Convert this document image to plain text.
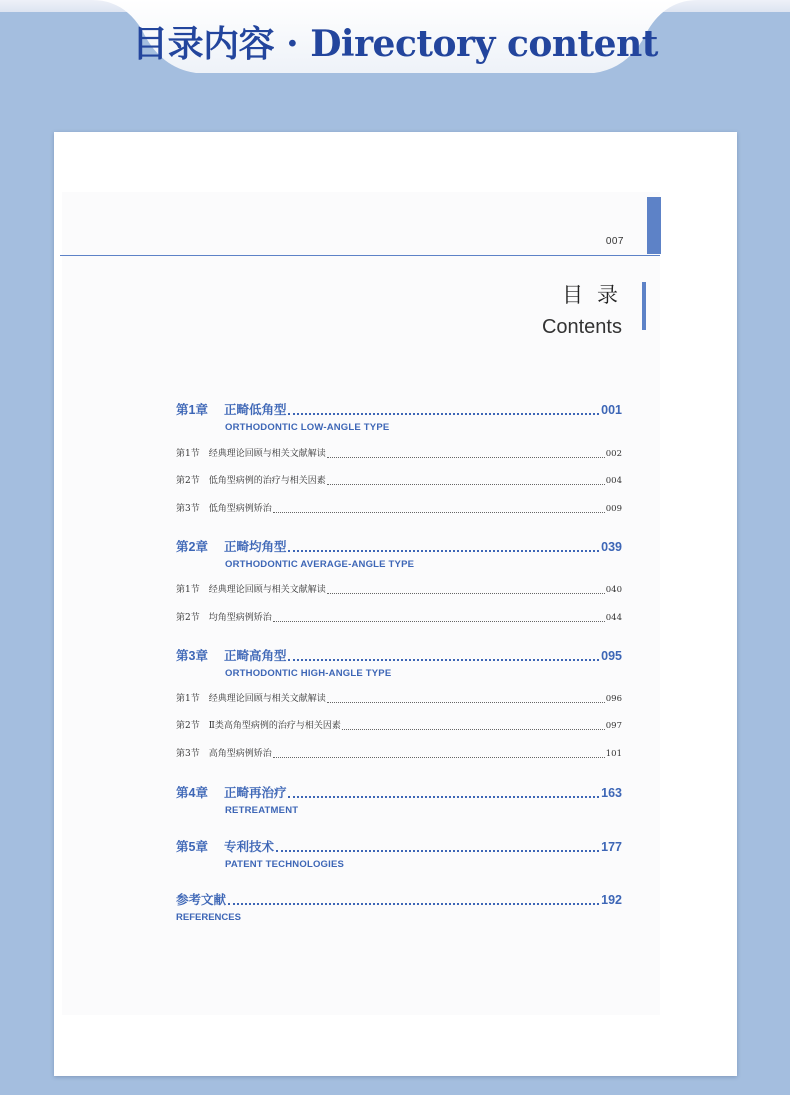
目录内容 · Directory content
007
目 录
Contents
第1章 正畸低角型	001
ORTHODONTIC LOW-ANGLE TYPE
第1节 经典理论回顾与相关文献解读	002
第2节 低角型病例的治疗与相关因素	004
第3节 低角型病例矫治	009
第2章 正畸均角型	039
ORTHODONTIC AVERAGE-ANGLE TYPE
第1节 经典理论回顾与相关文献解读	040
第2节 均角型病例矫治	044
第3章 正畸高角型	095
ORTHODONTIC HIGH-ANGLE TYPE
第1节 经典理论回顾与相关文献解读	096
第2节 Ⅱ类高角型病例的治疗与相关因素	097
第3节 高角型病例矫治	101
第4章 正畸再治疗	163
RETREATMENT
第5章 专利技术	177
PATENT TECHNOLOGIES
参考文献	192
REFERENCES
